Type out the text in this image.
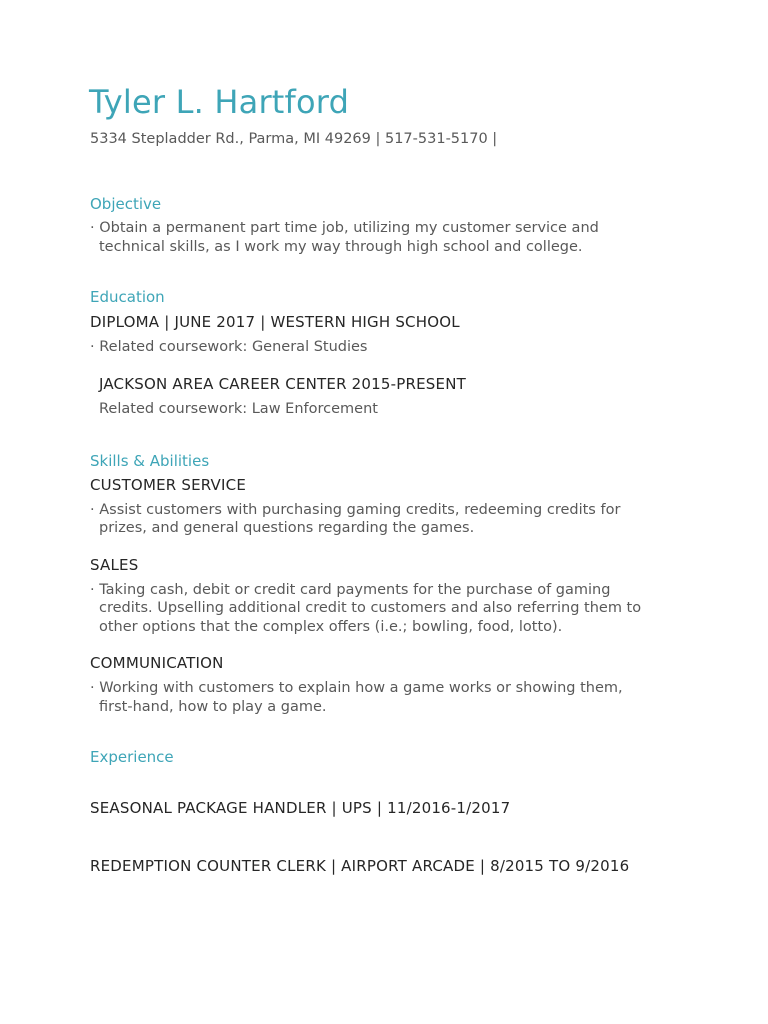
Tyler L. Hartford
5334 Stepladder Rd., Parma, MI 49269 | 517-531-5170 |
Objective
· Obtain a permanent part time job, utilizing my customer service and
technical skills, as I work my way through high school and college.
Education
DIPLOMA | JUNE 2017 | WESTERN HIGH SCHOOL
· Related coursework: General Studies
JACKSON AREA CAREER CENTER 2015-PRESENT
Related coursework: Law Enforcement
Skills & Abilities
CUSTOMER SERVICE
· Assist customers with purchasing gaming credits, redeeming credits for
prizes, and general questions regarding the games.
SALES
· Taking cash, debit or credit card payments for the purchase of gaming
credits. Upselling additional credit to customers and also referring them to
other options that the complex offers (i.e.; bowling, food, lotto).
COMMUNICATION
· Working with customers to explain how a game works or showing them,
first-hand, how to play a game.
Experience
SEASONAL PACKAGE HANDLER | UPS | 11/2016-1/2017
REDEMPTION COUNTER CLERK | AIRPORT ARCADE | 8/2015 TO 9/2016
